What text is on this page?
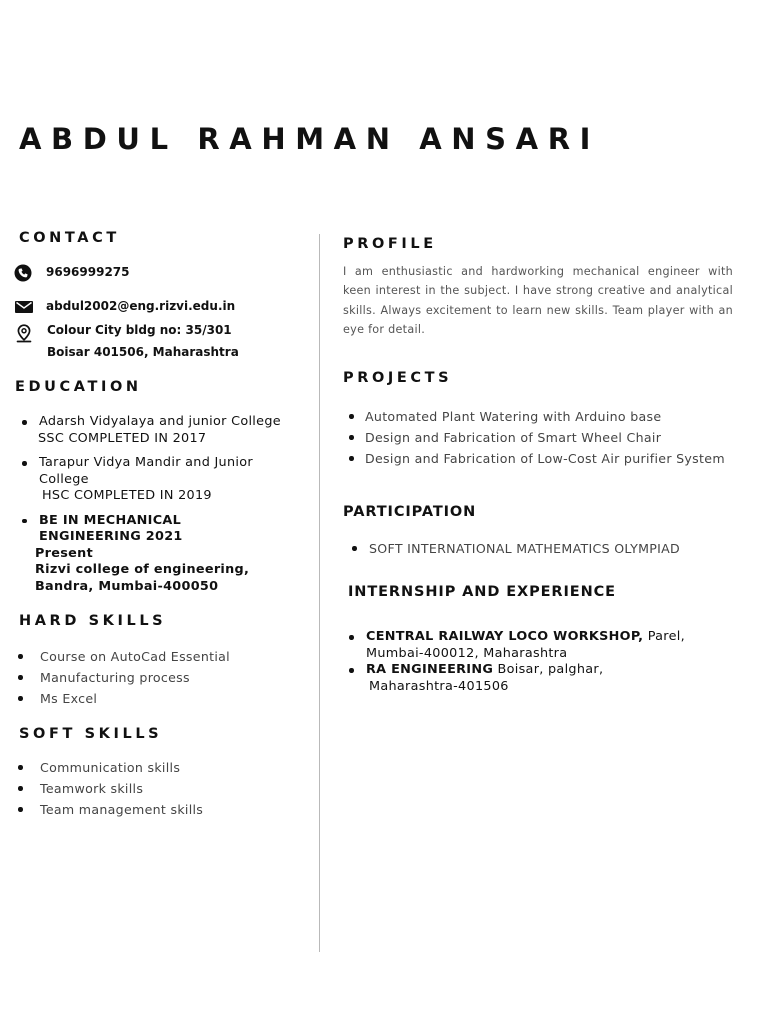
ABDUL RAHMAN ANSARI
CONTACT
9696999275
abdul2002@eng.rizvi.edu.in
Colour City bldg no: 35/301
Boisar 401506, Maharashtra
EDUCATION
Adarsh Vidyalaya and junior College
SSC COMPLETED IN 2017
Tarapur Vidya Mandir and Junior College
HSC COMPLETED IN 2019
BE IN MECHANICAL ENGINEERING 2021
Present
Rizvi college of engineering, Bandra, Mumbai-400050
HARD SKILLS
Course on AutoCad Essential
Manufacturing process
Ms Excel
SOFT SKILLS
Communication skills
Teamwork skills
Team management skills
PROFILE

I am enthusiastic and hardworking mechanical engineer with keen interest in the subject. I have strong creative and analytical skills. Always excitement to learn new skills. Team player with an eye for detail.

PROJECTS
Automated Plant Watering with Arduino base
Design and Fabrication of Smart Wheel Chair
Design and Fabrication of Low-Cost Air purifier System
PARTICIPATION
SOFT INTERNATIONAL MATHEMATICS OLYMPIAD
INTERNSHIP AND EXPERIENCE
CENTRAL RAILWAY LOCO WORKSHOP, Parel,
Mumbai-400012, Maharashtra
RA ENGINEERING Boisar, palghar,
Maharashtra-401506
